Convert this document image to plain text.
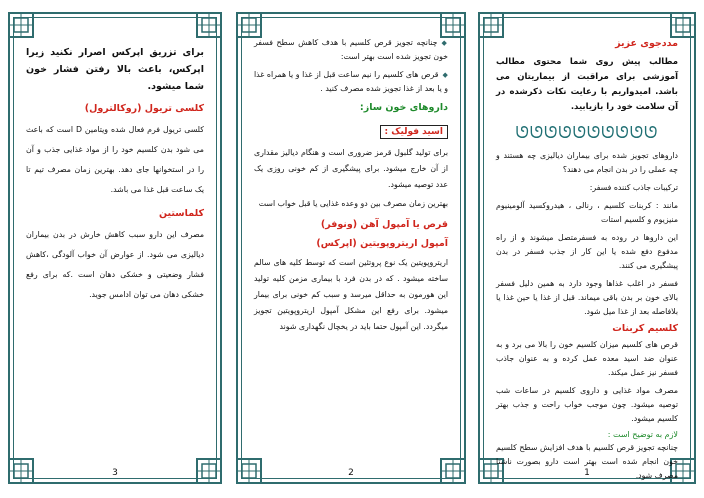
برای تزریق اپرکس اصرار نکنید زیرا اپرکس، باعث بالا رفتن فشار خون شما میشود.

کلسی تریول (روکالترول)

کلسی تریول فرم فعال شده ویتامین D است که باعث می شود بدن کلسیم خود را از مواد غذایی جذب و آن را در استخوانها جای دهد. بهترین زمان مصرف تیم تا یک ساعت قبل غذا می باشد.

کلماستین

مصرف این دارو سبب کاهش خارش در بدن بیماران دیالیزی می شود. از عوارض آن خواب آلودگی ،کاهش فشار وضعیتی و خشکی دهان است .که برای رفع خشکی دهان می توان ادامس جوید.

3

◆ چنانچه تجویز قرص کلسیم با هدف کاهش سطح فسفر خون تجویز شده است بهتر است:

◆ قرص های کلسیم را نیم ساعت قبل از غذا و یا همراه غذا و یا بعد از غذا تجویز شده مصرف کنید .

داروهای خون ساز:
اسید فولیک :

برای تولید گلبول قرمز ضروری است و هنگام دیالیز مقداری از آن خارج میشود. برای پیشگیری از کم خونی روزی یک عدد توصیه میشود.

بهترین زمان مصرف بین دو وعده غذایی یا قبل خواب است

قرص یا آمپول آهن (ونوفر)
آمپول اریتروپویتین (اپرکس)

اریتروپویتین یک نوع پروتئین است که توسط کلیه های سالم ساخته میشود . که در بدن فرد با بیماری مزمن کلیه تولید این هورمون به حداقل میرسد و سبب کم خونی برای بیمار میشود. برای رفع این مشکل آمپول اریتروپویتین تجویز میگردد. این آمپول حتما باید در یخچال نگهداری شوند

2
مددجوی عزیز

مطالب پیش روی شما محتوی مطالب آموزشی برای مراقبت از بیماریتان می باشد. امیدواریم با رعایت نکات ذکرشده در آن سلامت خود را بازیابید.

ᘎᘎᘎᘎᘎᘎᘎᘎᘎᘎ

داروهای تجویز شده برای بیماران دیالیزی چه هستند و چه عملی را در بدن انجام می دهند؟

ترکیبات جاذب کننده فسفر:

مانند : کربنات کلسیم ، رنالی ، هیدروکسید آلومینیوم منیزیوم و کلسیم استات

این داروها در روده به فسفرمتصل میشوند و از راه مدفوع دفع شده یا این کار از جذب فسفر در بدن پیشگیری می کنند.

فسفر در اغلب غذاها وجود دارد به همین دلیل فسفر بالای خون بر بدن باقی میماند. قبل از غذا یا حین غذا یا بلافاصله بعد از غذا میل شود.

کلسیم کربنات

قرص های کلسیم میزان کلسیم خون را بالا می برد و به عنوان ضد اسید معده عمل کرده و به عنوان جاذب فسفر نیز عمل میکند.

مصرف مواد غذایی و داروی کلسیم در ساعات شب توصیه میشود. چون موجب خواب راحت و جذب بهتر کلسیم میشود.

لازم به توضیح است :

چنانچه تجویز قرص کلسیم با هدف افزایش سطح کلسیم خون انجام شده است بهتر است دارو بصورت ناشتا مصرف شود.

1
